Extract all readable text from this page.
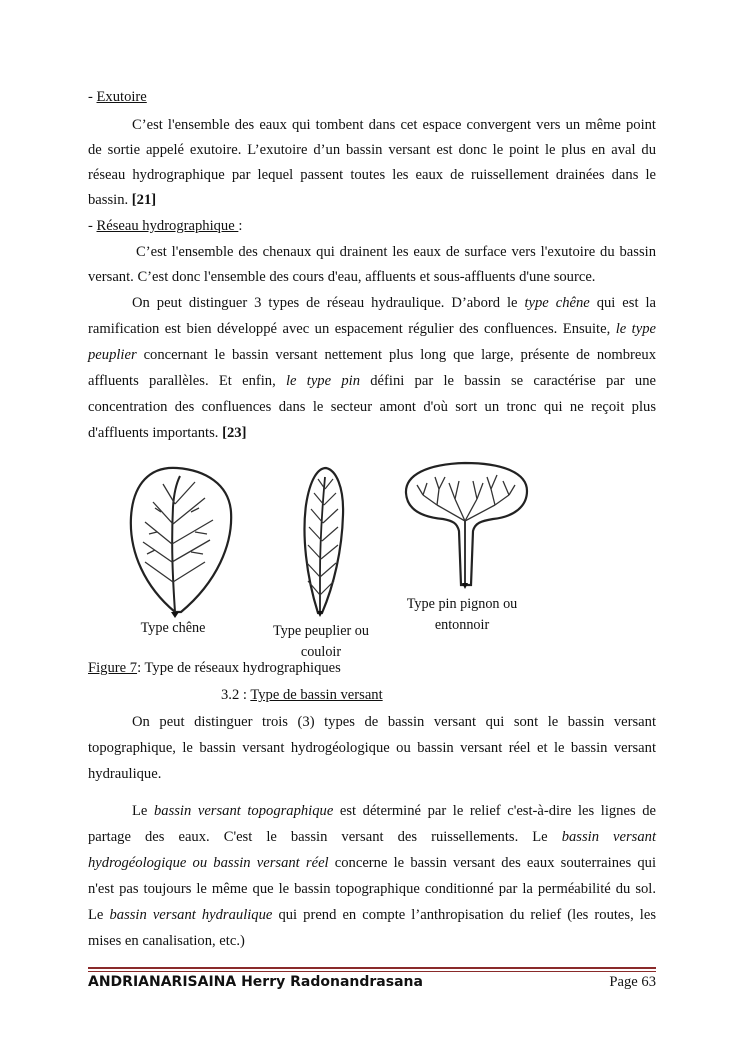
- Exutoire
C’est l'ensemble des eaux qui tombent dans cet espace convergent vers un même point
de sortie appelé exutoire. L’exutoire d’un bassin versant est donc le point le plus en aval du
réseau hydrographique par lequel passent toutes les eaux de ruissellement drainées dans le
bassin. [21]
- Réseau hydrographique :
C’est l'ensemble des chenaux qui drainent les eaux de surface vers l'exutoire du bassin
versant. C’est donc l'ensemble des cours d'eau, affluents et sous-affluents d'une source.
On peut distinguer 3 types de réseau hydraulique. D’abord le type chêne qui est la
ramification est bien développé avec un espacement régulier des confluences. Ensuite, le type
peuplier concernant le bassin versant nettement plus long que large, présente de nombreux
affluents parallèles. Et enfin, le type pin défini par le bassin se caractérise par une
concentration des confluences dans le secteur amont d'où sort un tronc qui ne reçoit plus
d'affluents importants. [23]
Type chêne	Type peuplier ou
couloir
Type pin pignon ou
entonnoir
Figure 7: Type de réseaux hydrographiques
3.2 : Type de bassin versant
On peut distinguer trois (3) types de bassin versant qui sont le bassin versant
topographique, le bassin versant hydrogéologique ou bassin versant réel et le bassin versant
hydraulique.
Le bassin versant topographique est déterminé par le relief c'est-à-dire les lignes de
partage des eaux. C'est le bassin versant des ruissellements. Le bassin versant
hydrogéologique ou bassin versant réel concerne le bassin versant des eaux souterraines qui
n'est pas toujours le même que le bassin topographique conditionné par la perméabilité du sol.
Le bassin versant hydraulique qui prend en compte l’anthropisation du relief (les routes, les
mises en canalisation, etc.)
ANDRIANARISAINA Herry Radonandrasana	Page 63
